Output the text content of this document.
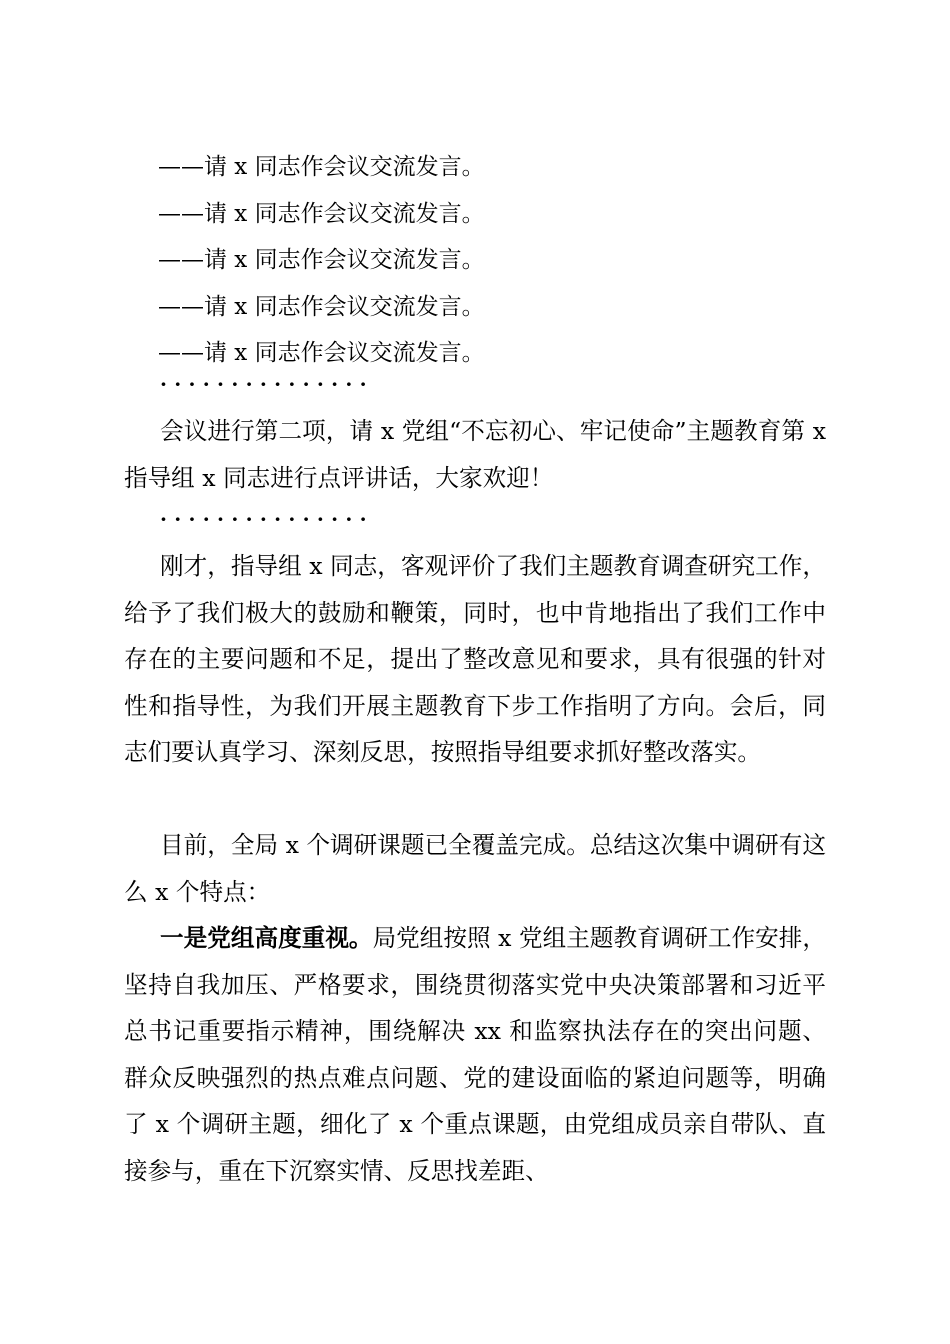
——请 x 同志作会议交流发言。
——请 x 同志作会议交流发言。
——请 x 同志作会议交流发言。
——请 x 同志作会议交流发言。
——请 x 同志作会议交流发言。
···············

会议进行第二项，请 x 党组“不忘初心、牢记使命”主题教育第 x 指导组 x 同志进行点评讲话，大家欢迎！

···············

刚才，指导组 x 同志，客观评价了我们主题教育调查研究工作，给予了我们极大的鼓励和鞭策，同时，也中肯地指出了我们工作中存在的主要问题和不足，提出了整改意见和要求，具有很强的针对性和指导性，为我们开展主题教育下步工作指明了方向。会后，同志们要认真学习、深刻反思，按照指导组要求抓好整改落实。

目前，全局 x 个调研课题已全覆盖完成。总结这次集中调研有这么 x 个特点：

一是党组高度重视。局党组按照 x 党组主题教育调研工作安排，坚持自我加压、严格要求，围绕贯彻落实党中央决策部署和习近平总书记重要指示精神，围绕解决 xx 和监察执法存在的突出问题、群众反映强烈的热点难点问题、党的建设面临的紧迫问题等，明确了 x 个调研主题，细化了 x 个重点课题，由党组成员亲自带队、直接参与，重在下沉察实情、反思找差距、
